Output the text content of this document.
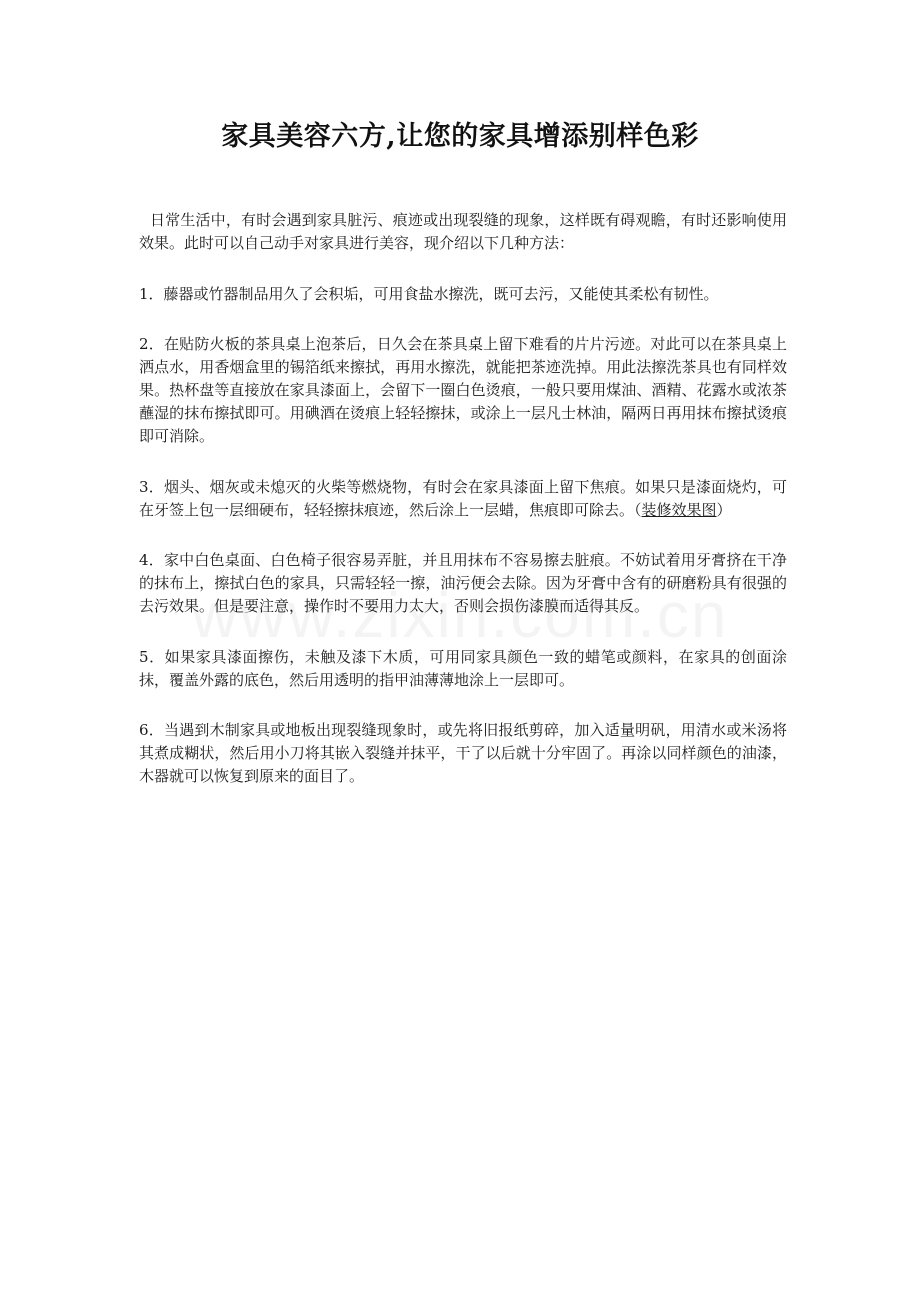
家具美容六方,让您的家具增添别样色彩

日常生活中，有时会遇到家具脏污、痕迹或出现裂缝的现象，这样既有碍观瞻，有时还影响使用效果。此时可以自己动手对家具进行美容，现介绍以下几种方法：

1．藤器或竹器制品用久了会积垢，可用食盐水擦洗，既可去污，又能使其柔松有韧性。

2．在贴防火板的茶具桌上泡茶后，日久会在茶具桌上留下难看的片片污迹。对此可以在茶具桌上洒点水，用香烟盒里的锡箔纸来擦拭，再用水擦洗，就能把茶迹洗掉。用此法擦洗茶具也有同样效果。热杯盘等直接放在家具漆面上，会留下一圈白色烫痕，一般只要用煤油、酒精、花露水或浓茶蘸湿的抹布擦拭即可。用碘酒在烫痕上轻轻擦抹，或涂上一层凡士林油，隔两日再用抹布擦拭烫痕即可消除。

3．烟头、烟灰或未熄灭的火柴等燃烧物，有时会在家具漆面上留下焦痕。如果只是漆面烧灼，可在牙签上包一层细硬布，轻轻擦抹痕迹，然后涂上一层蜡，焦痕即可除去。（装修效果图）

4．家中白色桌面、白色椅子很容易弄脏，并且用抹布不容易擦去脏痕。不妨试着用牙膏挤在干净的抹布上，擦拭白色的家具，只需轻轻一擦，油污便会去除。因为牙膏中含有的研磨粉具有很强的去污效果。但是要注意，操作时不要用力太大，否则会损伤漆膜而适得其反。

5．如果家具漆面擦伤，未触及漆下木质，可用同家具颜色一致的蜡笔或颜料，在家具的创面涂抹，覆盖外露的底色，然后用透明的指甲油薄薄地涂上一层即可。

6．当遇到木制家具或地板出现裂缝现象时，或先将旧报纸剪碎，加入适量明矾，用清水或米汤将其煮成糊状，然后用小刀将其嵌入裂缝并抹平，干了以后就十分牢固了。再涂以同样颜色的油漆，木器就可以恢复到原来的面目了。
